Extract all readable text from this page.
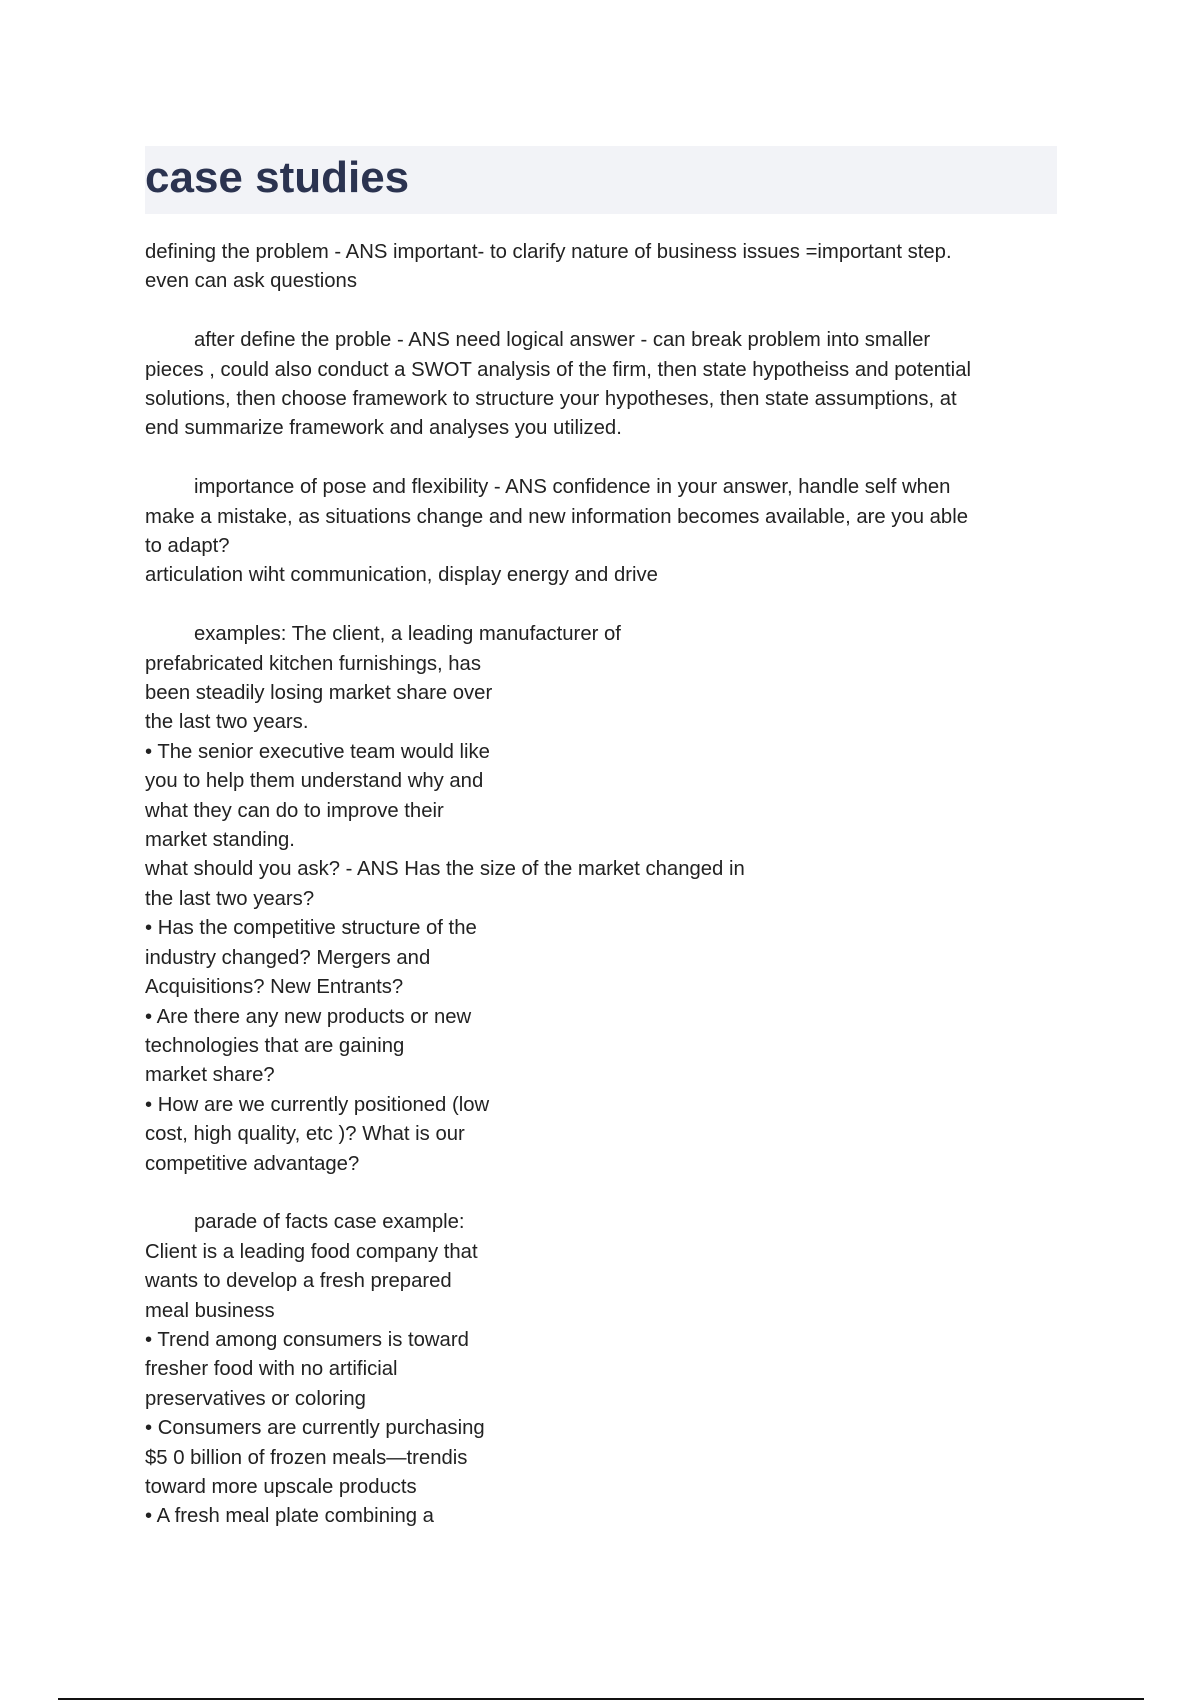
case studies
defining the problem - ANS important- to clarify nature of business issues =important step.
even can ask questions
after define the proble - ANS need logical answer - can break problem into smaller
pieces , could also conduct a SWOT analysis of the firm, then state hypotheiss and potential
solutions, then choose framework to structure your hypotheses, then state assumptions, at
end summarize framework and analyses you utilized.
importance of pose and flexibility - ANS confidence in your answer, handle self when
make a mistake, as situations change and new information becomes available, are you able
to adapt?
articulation wiht communication, display energy and drive
examples: The client, a leading manufacturer of
prefabricated kitchen furnishings, has
been steadily losing market share over
the last two years.
• The senior executive team would like
you to help them understand why and
what they can do to improve their
market standing.
what should you ask? - ANS Has the size of the market changed in
the last two years?
• Has the competitive structure of the
industry changed? Mergers and
Acquisitions? New Entrants?
• Are there any new products or new
technologies that are gaining
market share?
• How are we currently positioned (low
cost, high quality, etc )? What is our
competitive advantage?
parade of facts case example:
Client is a leading food company that
wants to develop a fresh prepared
meal business
• Trend among consumers is toward
fresher food with no artificial
preservatives or coloring
• Consumers are currently purchasing
$5 0 billion of frozen meals—trendis
toward more upscale products
• A fresh meal plate combining a
